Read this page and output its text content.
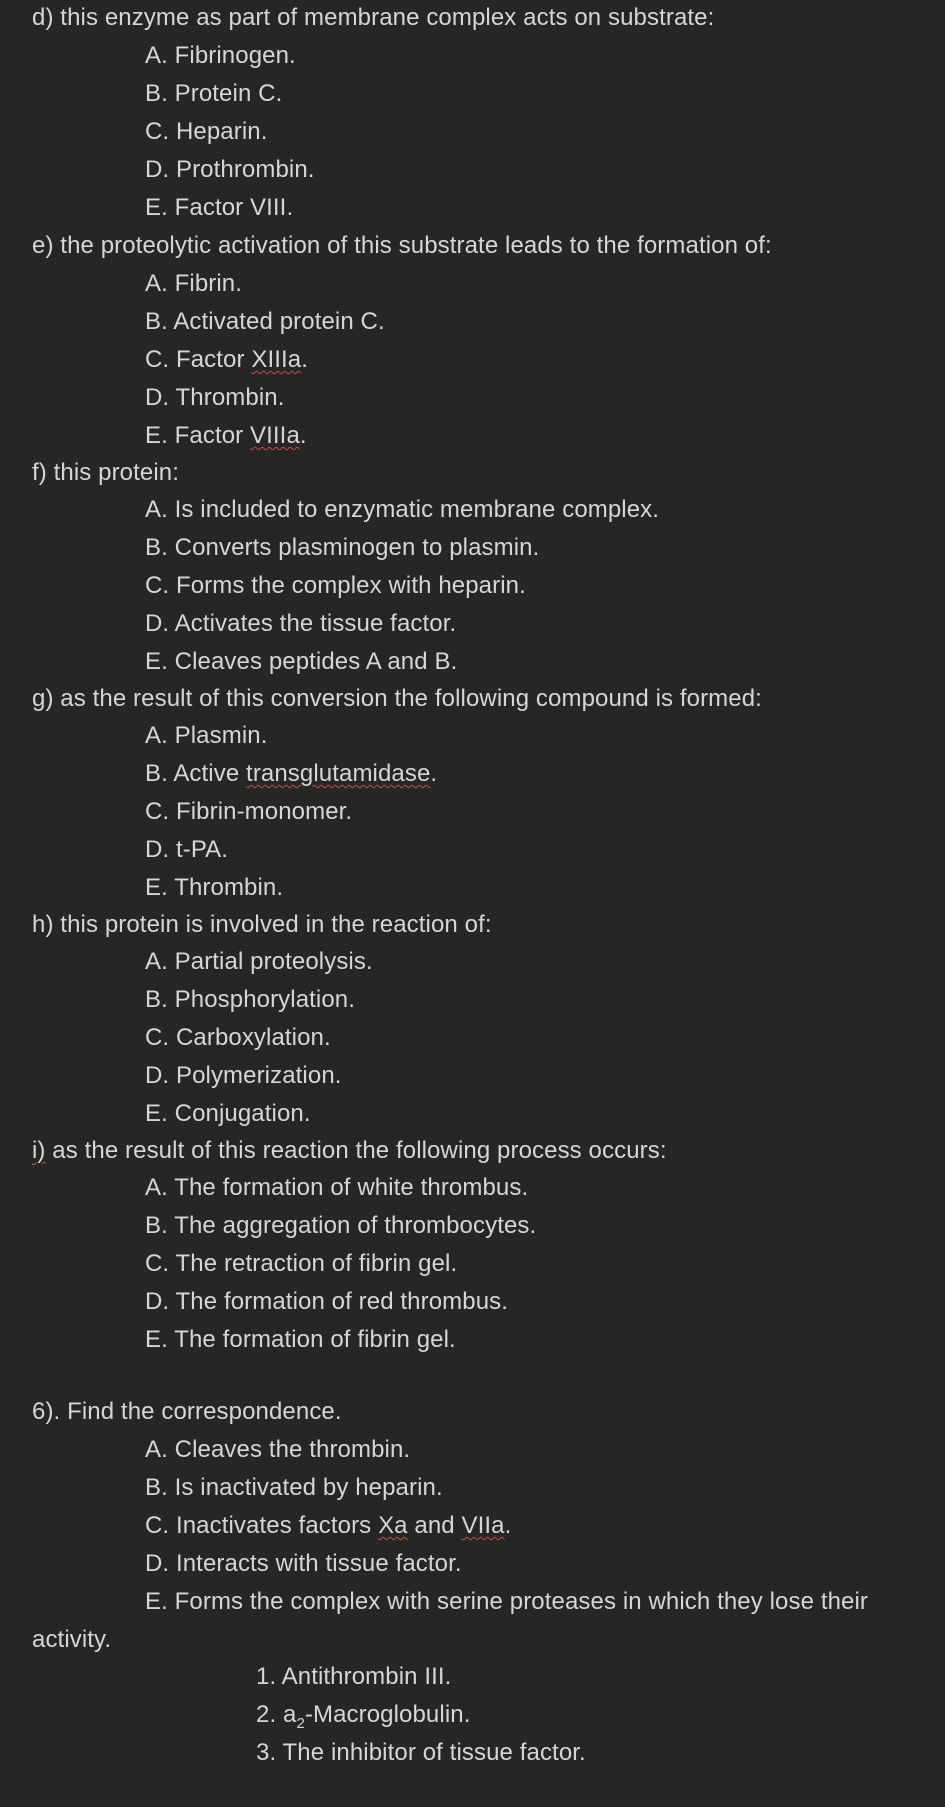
d) this enzyme as part of membrane complex acts on substrate:
A. Fibrinogen.
B. Protein C.
C. Heparin.
D. Prothrombin.
E. Factor VIII.
e) the proteolytic activation of this substrate leads to the formation of:
A. Fibrin.
B. Activated protein C.
C. Factor XIIIa.
D. Thrombin.
E. Factor VIIIa.
f) this protein:
A. Is included to enzymatic membrane complex.
B. Converts plasminogen to plasmin.
C. Forms the complex with heparin.
D. Activates the tissue factor.
E. Cleaves peptides A and B.
g) as the result of this conversion the following compound is formed:
A. Plasmin.
B. Active transglutamidase.
C. Fibrin-monomer.
D. t-PA.
E. Thrombin.
h) this protein is involved in the reaction of:
A. Partial proteolysis.
B. Phosphorylation.
C. Carboxylation.
D. Polymerization.
E. Conjugation.
i) as the result of this reaction the following process occurs:
A. The formation of white thrombus.
B. The aggregation of thrombocytes.
C. The retraction of fibrin gel.
D. The formation of red thrombus.
E. The formation of fibrin gel.
6). Find the correspondence.
A. Cleaves the thrombin.
B. Is inactivated by heparin.
C. Inactivates factors Xa and VIIa.
D. Interacts with tissue factor.
E. Forms the complex with serine proteases in which they lose their
activity.
1. Antithrombin III.
2. $a_2$-Macroglobulin.
3. The inhibitor of tissue factor.
